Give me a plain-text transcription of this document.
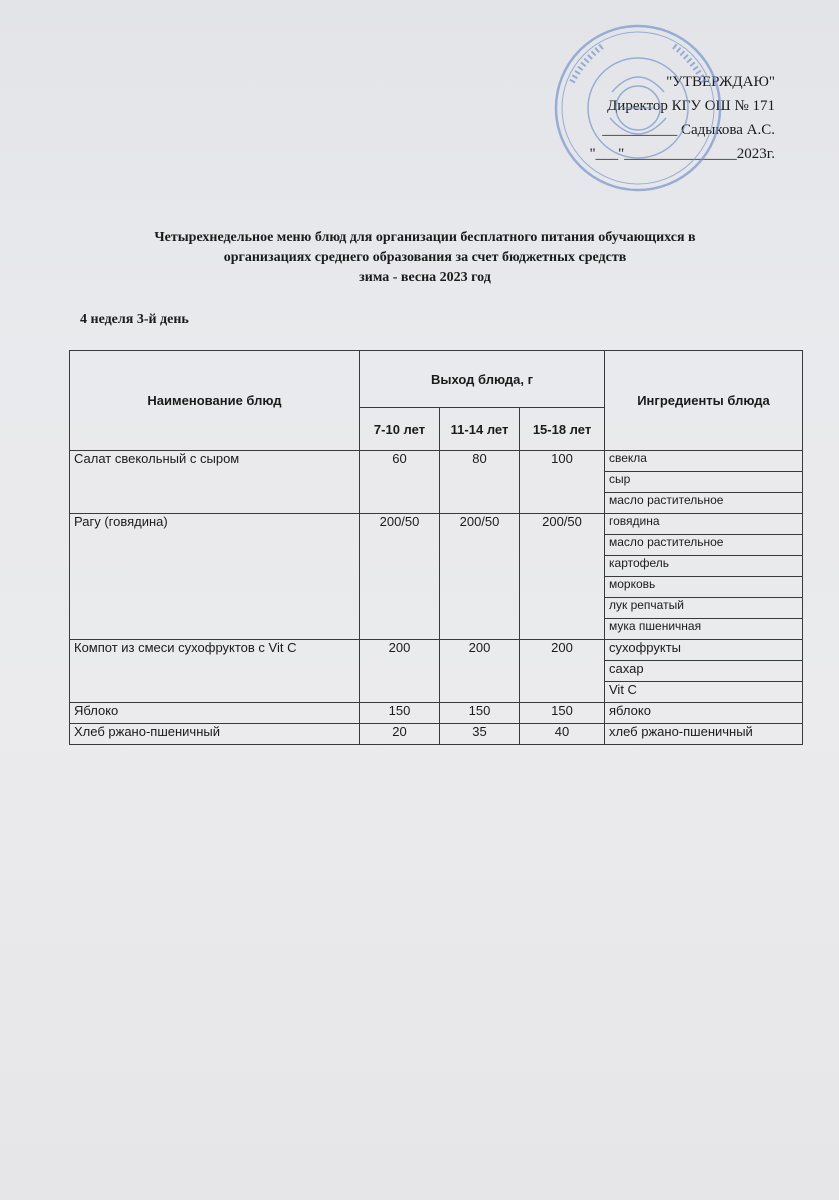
"УТВЕРЖДАЮ"
Директор КГУ ОШ № 171
__________ Садыкова А.С.
"___"_______________2023г.
Четырехнедельное меню блюд для организации бесплатного питания обучающихся в
организациях среднего образования за счет бюджетных средств
зима - весна 2023 год
4 неделя 3-й день
Наименование блюд	Выход блюда, г			Ингредиенты блюда
	7-10 лет	11-14 лет	15-18 лет	
Салат свекольный с сыром	60	80	100	свекла
				сыр
				масло растительное
Рагу (говядина)	200/50	200/50	200/50	говядина
				масло растительное
				картофель
				морковь
				лук репчатый
				мука пшеничная
Компот из смеси сухофруктов с Vit C	200	200	200	сухофрукты
				сахар
				Vit C
Яблоко	150	150	150	яблоко
Хлеб ржано-пшеничный	20	35	40	хлеб ржано-пшеничный
